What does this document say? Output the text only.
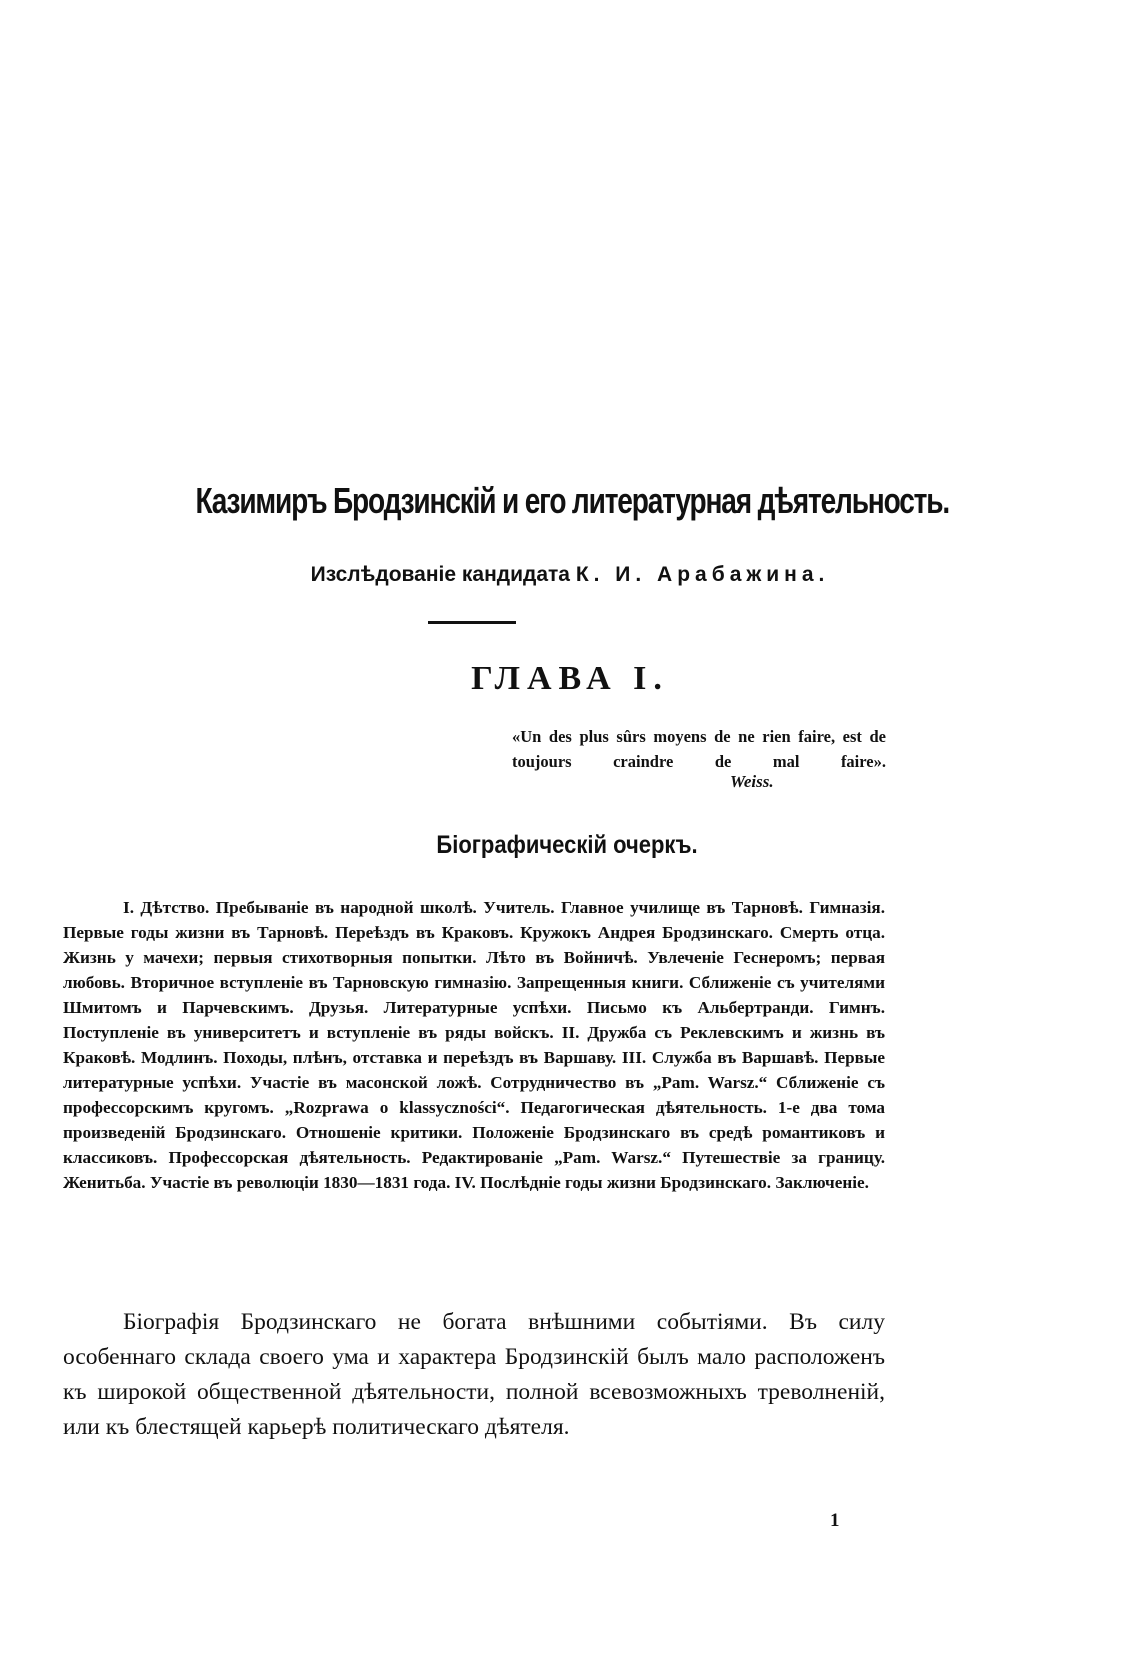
Казимиръ Бродзинскій и его литературная дѣятельность.

Изслѣдованіе кандидата К. И. Арабажина.

ГЛАВА I.
«Un des plus sûrs moyens de ne rien faire, est de toujours craindre de mal faire».
Weiss.
Біографическій очеркъ.

I. Дѣтство. Пребываніе въ народной школѣ. Учитель. Главное училище въ Тарновѣ. Гимназія. Первые годы жизни въ Тарновѣ. Переѣздъ въ Краковъ. Кружокъ Андрея Бродзинскаго. Смерть отца. Жизнь у мачехи; первыя стихотворныя попытки. Лѣто въ Войничѣ. Увлеченіе Геснеромъ; первая любовь. Вторичное вступленіе въ Тарновскую гимназію. Запрещенныя книги. Сближеніе съ учителями Шмитомъ и Парчевскимъ. Друзья. Литературные успѣхи. Письмо къ Альбертранди. Гимнъ. Поступленіе въ университетъ и вступленіе въ ряды войскъ. II. Дружба съ Реклевскимъ и жизнь въ Краковѣ. Модлинъ. Походы, плѣнъ, отставка и переѣздъ въ Варшаву. III. Служба въ Варшавѣ. Первые литературные успѣхи. Участіе въ масонской ложѣ. Сотрудничество въ „Pam. Warsz.“ Сближеніе съ профессорскимъ кругомъ. „Rozprawa o klassyczności“. Педагогическая дѣятельность. 1-е два тома произведеній Бродзинскаго. Отношеніе критики. Положеніе Бродзинскаго въ средѣ романтиковъ и классиковъ. Профессорская дѣятельность. Редактированіе „Pam. Warsz.“ Путешествіе за границу. Женитьба. Участіе въ революціи 1830—1831 года. IV. Послѣдніе годы жизни Бродзинскаго. Заключеніе.

Біографія Бродзинскаго не богата внѣшними событіями. Въ силу особеннаго склада своего ума и характера Бродзинскій былъ мало расположенъ къ широкой общественной дѣятельности, полной всевозможныхъ треволненій, или къ блестящей карьерѣ политическаго дѣятеля.

1
